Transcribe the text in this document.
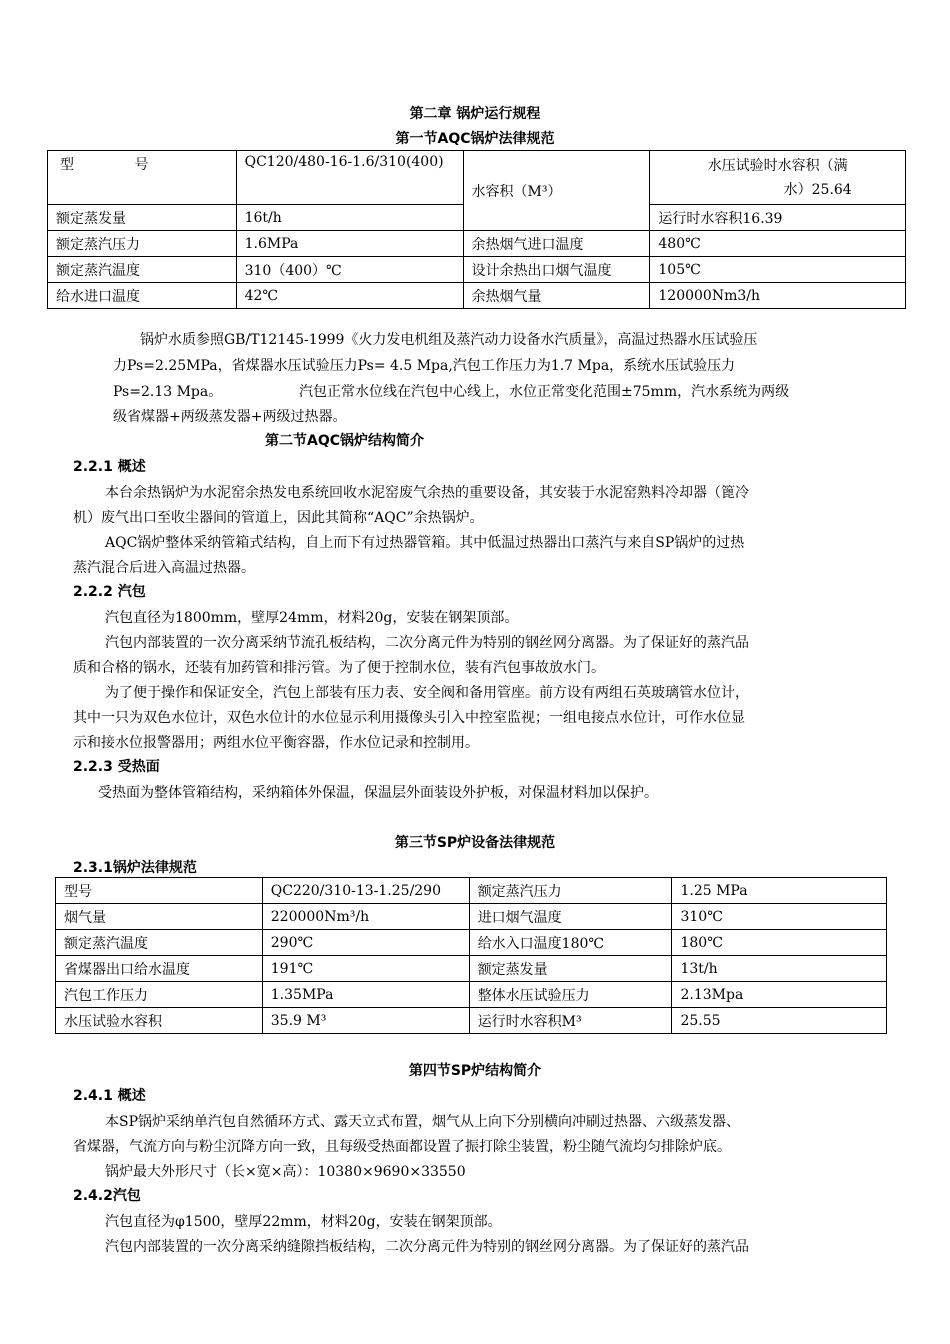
第二章 锅炉运行规程
第一节AQC锅炉法律规范
型 号	QC120/480-16-1.6/310(400)	水容积（M³）	水压试验时水容积（满
水）25.64

额定蒸发量	16t/h		运行时水容积16.39
额定蒸汽压力	1.6MPa	余热烟气进口温度	480℃
额定蒸汽温度	310（400）℃	设计余热出口烟气温度	105℃
给水进口温度	42℃	余热烟气量	120000Nm3/h
锅炉水质参照GB/T12145-1999《火力发电机组及蒸汽动力设备水汽质量》，高温过热器水压试验压
力Ps=2.25MPa，省煤器水压试验压力Ps= 4.5 Mpa,汽包工作压力为1.7 Mpa，系统水压试验压力
Ps=2.13 Mpa。	汽包正常水位线在汽包中心线上，水位正常变化范围±75mm，汽水系统为两级
级省煤器+两级蒸发器+两级过热器。
第二节AQC锅炉结构简介
2.2.1 概述
本台余热锅炉为水泥窑余热发电系统回收水泥窑废气余热的重要设备，其安装于水泥窑熟料冷却器（篦冷
机）废气出口至收尘器间的管道上，因此其简称“AQC”余热锅炉。
AQC锅炉整体采纳管箱式结构，自上而下有过热器管箱。其中低温过热器出口蒸汽与来自SP锅炉的过热
蒸汽混合后进入高温过热器。
2.2.2 汽包
汽包直径为1800mm，壁厚24mm，材料20g，安装在钢架顶部。
汽包内部装置的一次分离采纳节流孔板结构，二次分离元件为特别的钢丝网分离器。为了保证好的蒸汽品
质和合格的锅水，还装有加药管和排污管。为了便于控制水位，装有汽包事故放水门。
为了便于操作和保证安全，汽包上部装有压力表、安全阀和备用管座。前方设有两组石英玻璃管水位计，
其中一只为双色水位计，双色水位计的水位显示利用摄像头引入中控室监视；一组电接点水位计，可作水位显
示和接水位报警器用；两组水位平衡容器，作水位记录和控制用。
2.2.3 受热面
受热面为整体管箱结构，采纳箱体外保温，保温层外面装设外护板，对保温材料加以保护。
第三节SP炉设备法律规范
2.3.1锅炉法律规范
型号	QC220/310-13-1.25/290	额定蒸汽压力	1.25 MPa
烟气量	220000Nm³/h	进口烟气温度	310℃
额定蒸汽温度	290℃	给水入口温度180℃	180℃
省煤器出口给水温度	191℃	额定蒸发量	13t/h
汽包工作压力	1.35MPa	整体水压试验压力	2.13Mpa
水压试验水容积	35.9 M³	运行时水容积M³	25.55
第四节SP炉结构简介
2.4.1 概述
本SP锅炉采纳单汽包自然循环方式、露天立式布置，烟气从上向下分别横向冲刷过热器、六级蒸发器、
省煤器，气流方向与粉尘沉降方向一致，且每级受热面都设置了振打除尘装置，粉尘随气流均匀排除炉底。
锅炉最大外形尺寸（长×宽×高）：10380×9690×33550
2.4.2汽包
汽包直径为φ1500，壁厚22mm，材料20g，安装在钢架顶部。
汽包内部装置的一次分离采纳缝隙挡板结构，二次分离元件为特别的钢丝网分离器。为了保证好的蒸汽品
